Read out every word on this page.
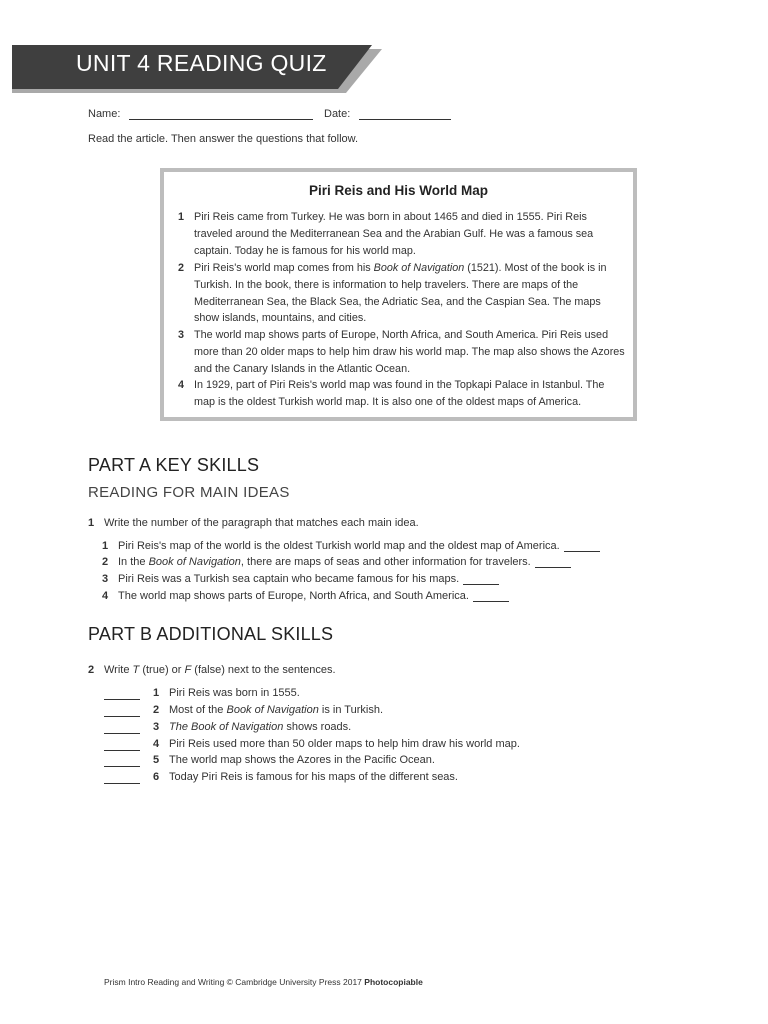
UNIT 4 READING QUIZ
Name:	Date:
Read the article. Then answer the questions that follow.
Piri Reis and His World Map
1 Piri Reis came from Turkey. He was born in about 1465 and died in 1555. Piri Reis traveled around the Mediterranean Sea and the Arabian Gulf. He was a famous sea captain. Today he is famous for his world map.
2 Piri Reis's world map comes from his Book of Navigation (1521). Most of the book is in Turkish. In the book, there is information to help travelers. There are maps of the Mediterranean Sea, the Black Sea, the Adriatic Sea, and the Caspian Sea. The maps show islands, mountains, and cities.
3 The world map shows parts of Europe, North Africa, and South America. Piri Reis used more than 20 older maps to help him draw his world map. The map also shows the Azores and the Canary Islands in the Atlantic Ocean.
4 In 1929, part of Piri Reis's world map was found in the Topkapi Palace in Istanbul. The map is the oldest Turkish world map. It is also one of the oldest maps of America.
PART A KEY SKILLS
READING FOR MAIN IDEAS
1 Write the number of the paragraph that matches each main idea.
1 Piri Reis's map of the world is the oldest Turkish world map and the oldest map of America.
2 In the Book of Navigation, there are maps of seas and other information for travelers.
3 Piri Reis was a Turkish sea captain who became famous for his maps.
4 The world map shows parts of Europe, North Africa, and South America.
PART B ADDITIONAL SKILLS
2 Write T (true) or F (false) next to the sentences.
1 Piri Reis was born in 1555.
2 Most of the Book of Navigation is in Turkish.
3 The Book of Navigation shows roads.
4 Piri Reis used more than 50 older maps to help him draw his world map.
5 The world map shows the Azores in the Pacific Ocean.
6 Today Piri Reis is famous for his maps of the different seas.
Prism Intro Reading and Writing © Cambridge University Press 2017 Photocopiable
